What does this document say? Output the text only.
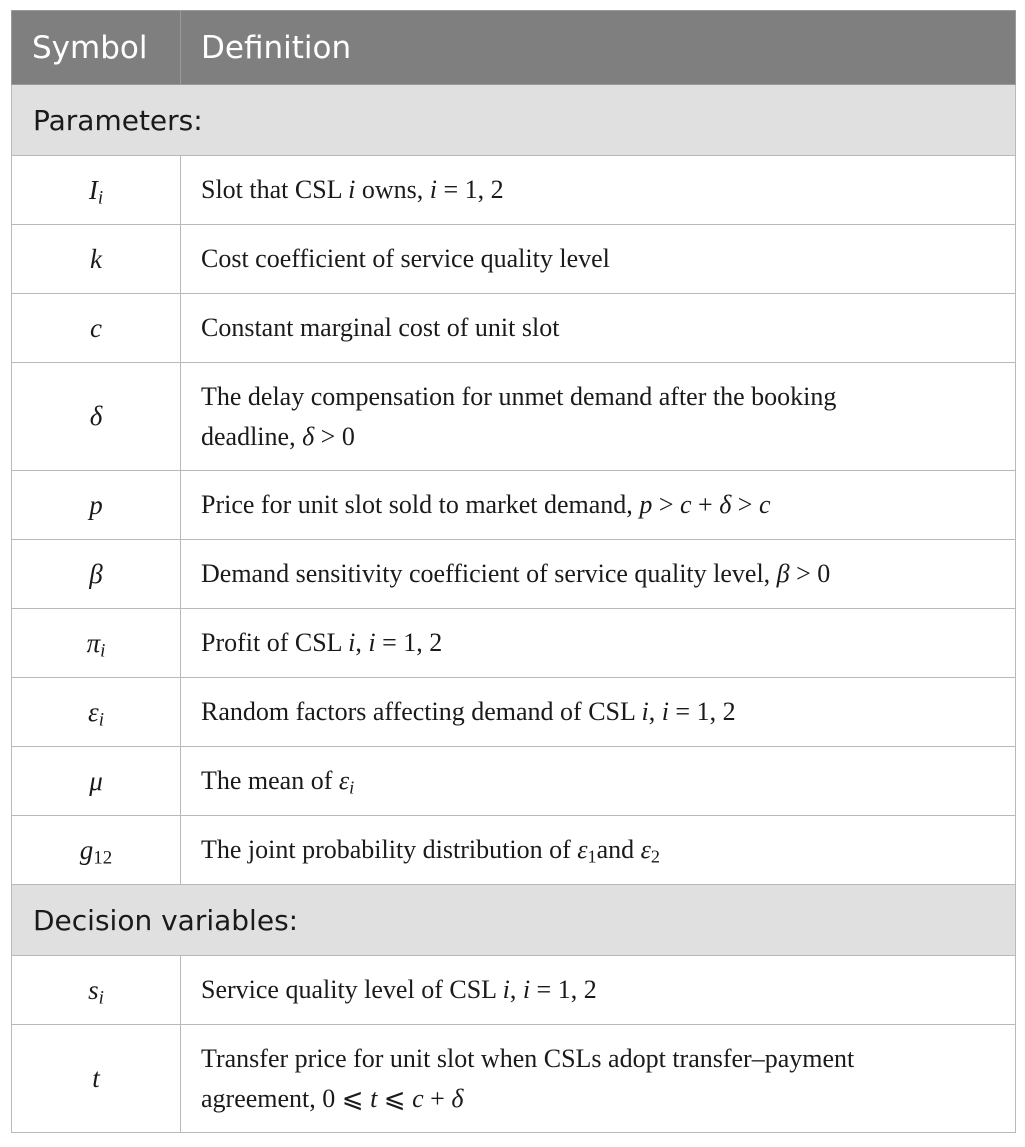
Symbol	Definition
Parameters:	
$I_i$	Slot that CSL i owns, i = 1, 2
k	Cost coefficient of service quality level
c	Constant marginal cost of unit slot
δ	The delay compensation for unmet demand after the booking
deadline, δ > 0
p	Price for unit slot sold to market demand, p > c + δ > c
β	Demand sensitivity coefficient of service quality level, β > 0
$\pi_i$	Profit of CSL i, i = 1, 2
$\varepsilon_i$	Random factors affecting demand of CSL i, i = 1, 2
μ	The mean of $\varepsilon_i$
$g_{12}$	The joint probability distribution of $\varepsilon_1and$ $\varepsilon_2$
Decision variables:	
$s_i$	Service quality level of CSL i, i = 1, 2
t	Transfer price for unit slot when CSLs adopt transfer–payment
agreement, 0 ⩽ t ⩽ c + δ
